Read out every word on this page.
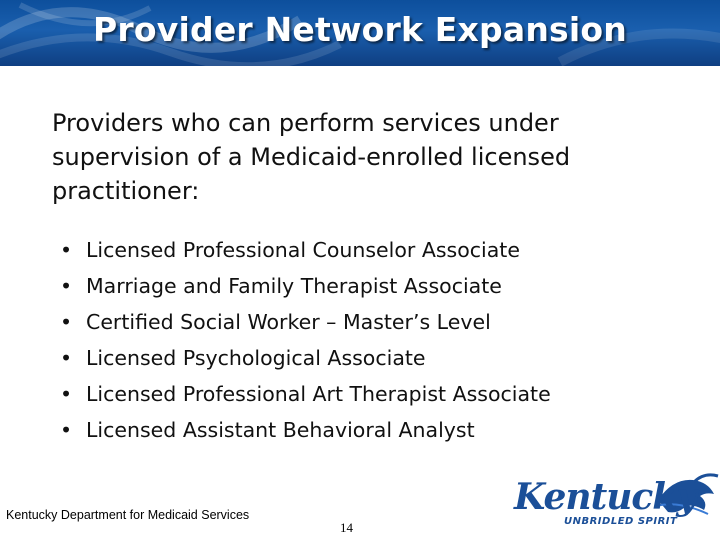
Provider Network Expansion
Providers who can perform services under
supervision of a Medicaid-enrolled licensed
practitioner:
• Licensed Professional Counselor Associate
• Marriage and Family Therapist Associate
• Certified Social Worker – Master’s Level
• Licensed Psychological Associate
• Licensed Professional Art Therapist Associate
• Licensed Assistant Behavioral Analyst
Kentucky Department for Medicaid Services
14
Kentucky
UNBRIDLED SPIRIT
